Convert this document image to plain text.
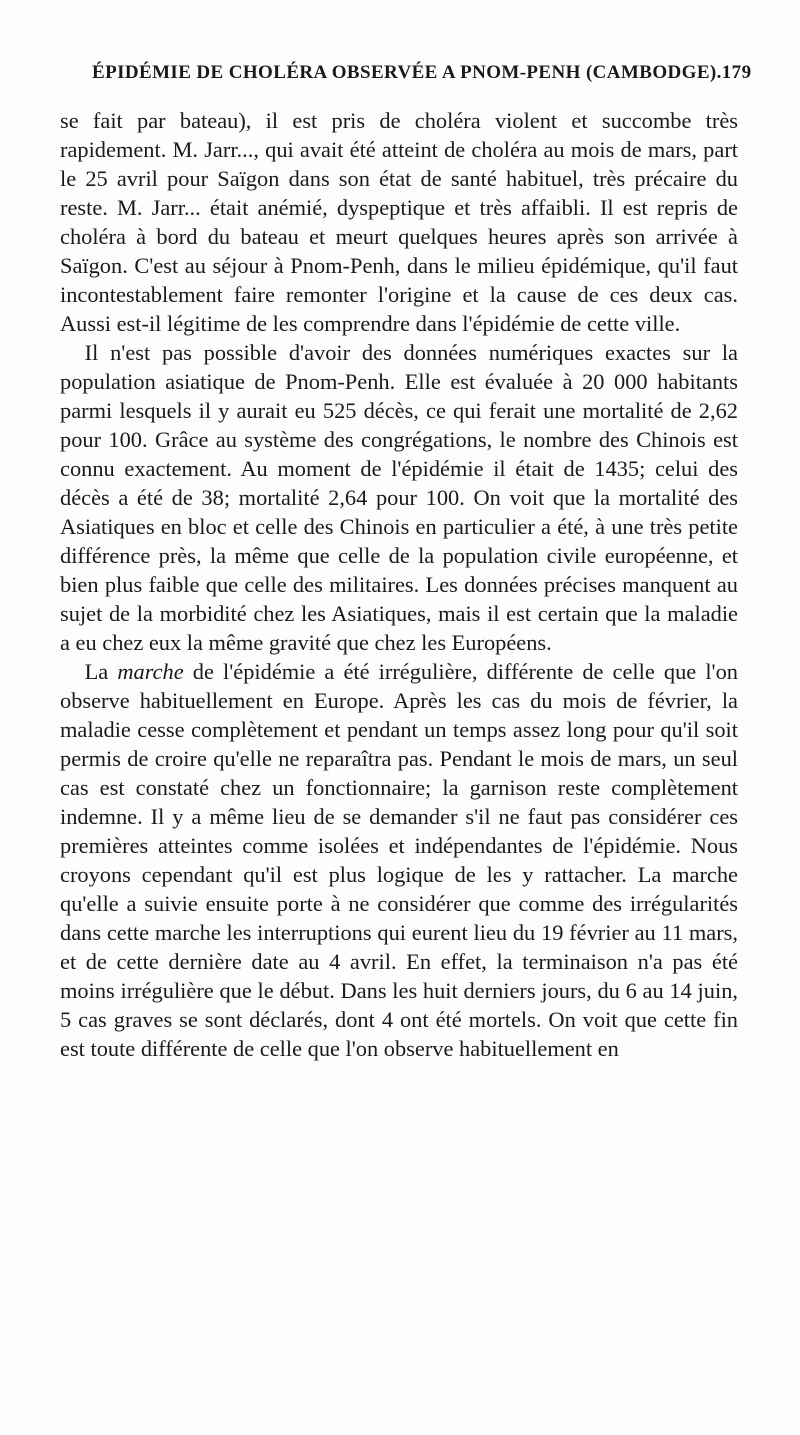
ÉPIDÉMIE DE CHOLÉRA OBSERVÉE A PNOM-PENH (CAMBODGE). 179

se fait par bateau), il est pris de choléra violent et succombe très rapidement. M. Jarr..., qui avait été atteint de choléra au mois de mars, part le 25 avril pour Saïgon dans son état de santé habituel, très précaire du reste. M. Jarr... était anémié, dyspeptique et très affaibli. Il est repris de choléra à bord du bateau et meurt quelques heures après son arrivée à Saïgon. C'est au séjour à Pnom-Penh, dans le milieu épidémique, qu'il faut incontestablement faire remonter l'origine et la cause de ces deux cas. Aussi est-il légitime de les comprendre dans l'épidémie de cette ville.

Il n'est pas possible d'avoir des données numériques exactes sur la population asiatique de Pnom-Penh. Elle est évaluée à 20 000 habitants parmi lesquels il y aurait eu 525 décès, ce qui ferait une mortalité de 2,62 pour 100. Grâce au système des congrégations, le nombre des Chinois est connu exactement. Au moment de l'épidémie il était de 1435; celui des décès a été de 38; mortalité 2,64 pour 100. On voit que la mortalité des Asiatiques en bloc et celle des Chinois en particulier a été, à une très petite différence près, la même que celle de la population civile européenne, et bien plus faible que celle des militaires. Les données précises manquent au sujet de la morbidité chez les Asiatiques, mais il est certain que la maladie a eu chez eux la même gravité que chez les Européens.

La marche de l'épidémie a été irrégulière, différente de celle que l'on observe habituellement en Europe. Après les cas du mois de février, la maladie cesse complètement et pendant un temps assez long pour qu'il soit permis de croire qu'elle ne reparaîtra pas. Pendant le mois de mars, un seul cas est constaté chez un fonctionnaire; la garnison reste complètement indemne. Il y a même lieu de se demander s'il ne faut pas considérer ces premières atteintes comme isolées et indépendantes de l'épidémie. Nous croyons cependant qu'il est plus logique de les y rattacher. La marche qu'elle a suivie ensuite porte à ne considérer que comme des irrégularités dans cette marche les interruptions qui eurent lieu du 19 février au 11 mars, et de cette dernière date au 4 avril. En effet, la terminaison n'a pas été moins irrégulière que le début. Dans les huit derniers jours, du 6 au 14 juin, 5 cas graves se sont déclarés, dont 4 ont été mortels. On voit que cette fin est toute différente de celle que l'on observe habituellement en
